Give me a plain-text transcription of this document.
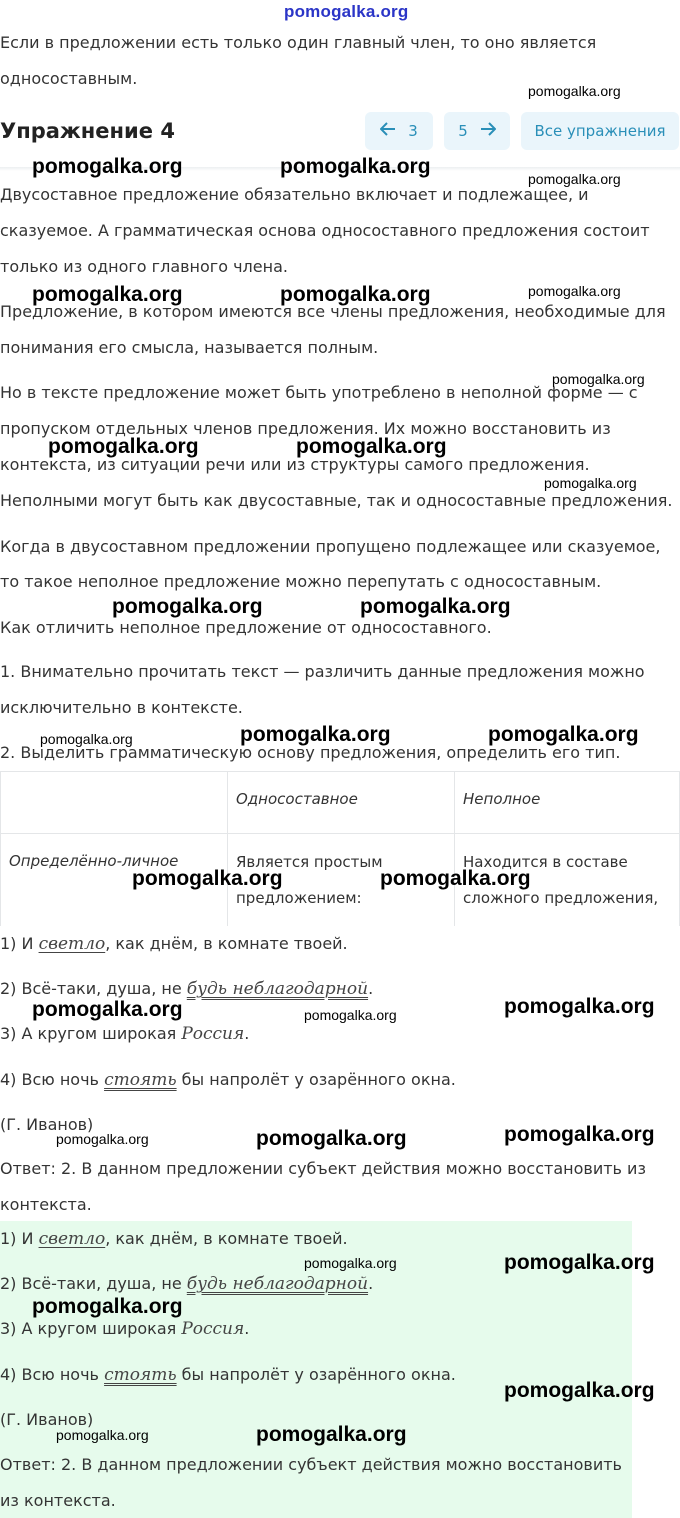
pomogalka.org
Если в предложении есть только один главный член, то оно является
односоставным.
Упражнение 4	3	5	Все упражнения
Двусоставное предложение обязательно включает и подлежащее, и
сказуемое. А грамматическая основа односоставного предложения состоит
только из одного главного члена.
Предложение, в котором имеются все члены предложения, необходимые для
понимания его смысла, называется полным.
Но в тексте предложение может быть употреблено в неполной форме — с
пропуском отдельных членов предложения. Их можно восстановить из
контекста, из ситуации речи или из структуры самого предложения.
Неполными могут быть как двусоставные, так и односоставные предложения.
Когда в двусоставном предложении пропущено подлежащее или сказуемое,
то такое неполное предложение можно перепутать с односоставным.
Как отличить неполное предложение от односоставного.
1. Внимательно прочитать текст — различить данные предложения можно
исключительно в контексте.
2. Выделить грамматическую основу предложения, определить его тип.
	Односоставное	Неполное
Определённо-личное	Является простым предложением:	Находится в составе сложного предложения,
1) И светло, как днём, в комнате твоей.
2) Всё-таки, душа, не будь неблагодарной.
3) А кругом широкая Россия.
4) Всю ночь стоять бы напролёт у озарённого окна.
(Г. Иванов)
Ответ: 2. В данном предложении субъект действия можно восстановить из
контекста.
1) И светло, как днём, в комнате твоей.
2) Всё-таки, душа, не будь неблагодарной.
3) А кругом широкая Россия.
4) Всю ночь стоять бы напролёт у озарённого окна.
(Г. Иванов)
Ответ: 2. В данном предложении субъект действия можно восстановить
из контекста.
pomogalka.org
pomogalka.org	pomogalka.org
pomogalka.org
pomogalka.org	pomogalka.org	pomogalka.org
pomogalka.org
pomogalka.org	pomogalka.org
pomogalka.org
pomogalka.org	pomogalka.org
pomogalka.org	pomogalka.org
pomogalka.org
pomogalka.org	pomogalka.org
pomogalka.org	pomogalka.org	pomogalka.org
pomogalka.org	pomogalka.org	pomogalka.org
pomogalka.org	pomogalka.org
pomogalka.org
pomogalka.org
pomogalka.org	pomogalka.org
